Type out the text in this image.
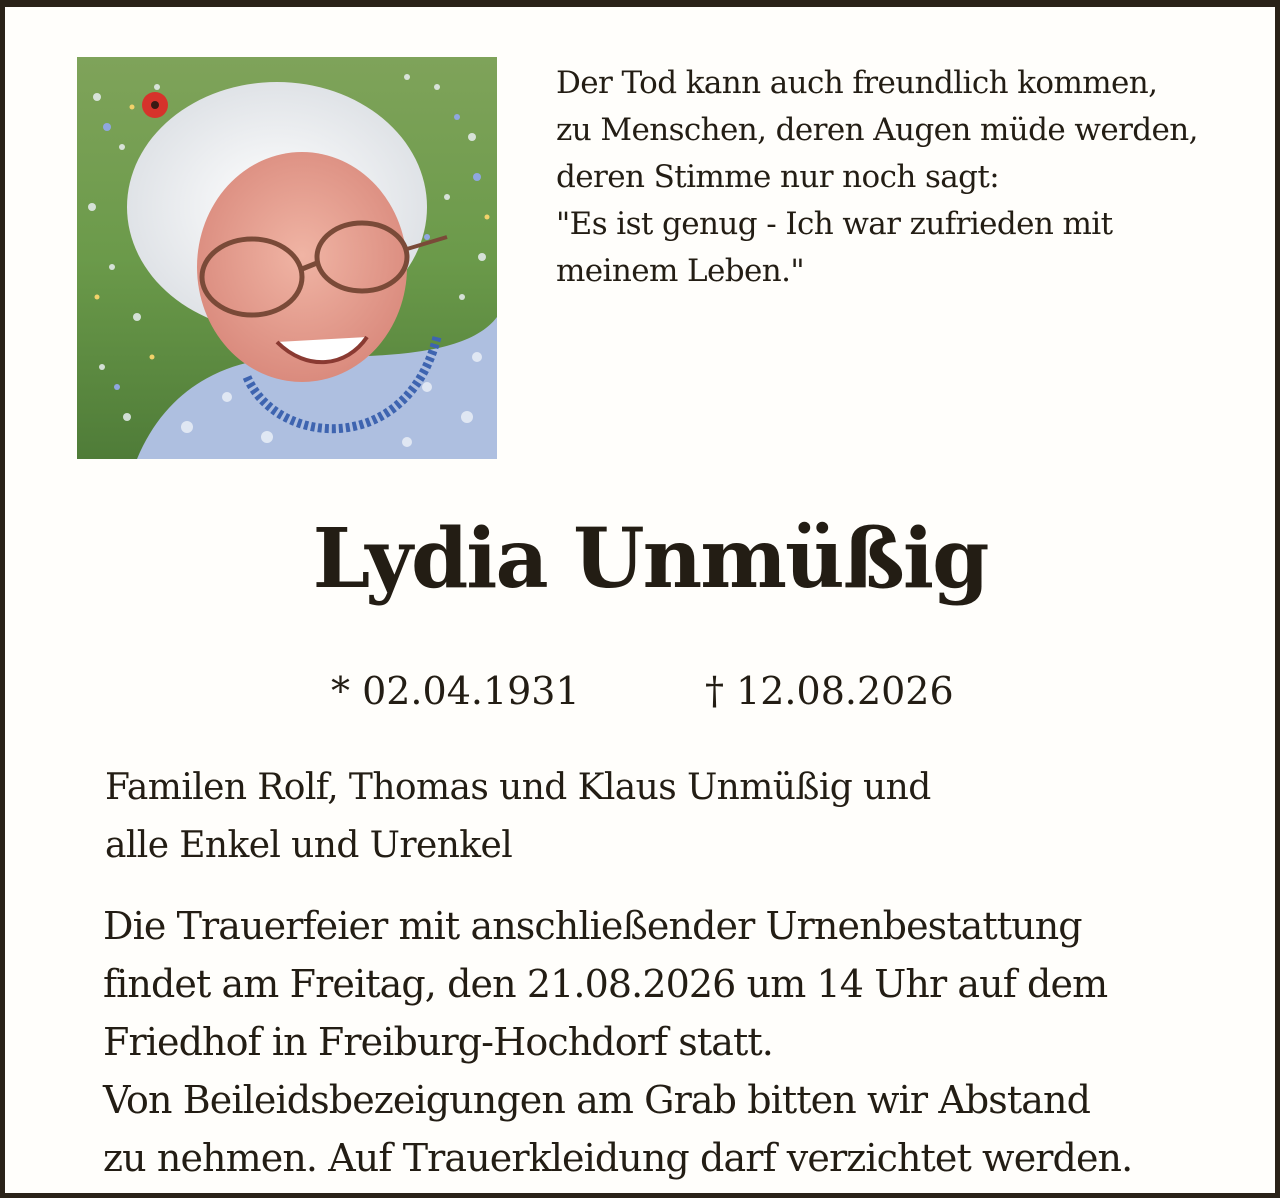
Der Tod kann auch freundlich kommen,
zu Menschen, deren Augen müde werden,
deren Stimme nur noch sagt:
"Es ist genug - Ich war zufrieden mit
meinem Leben."
Lydia Unmüßig
* 02.04.1931	† 12.08.2026
Familen Rolf, Thomas und Klaus Unmüßig und
alle Enkel und Urenkel
Die Trauerfeier mit anschließender Urnenbestattung
findet am Freitag, den 21.08.2026 um 14 Uhr auf dem
Friedhof in Freiburg-Hochdorf statt.
Von Beileidsbezeigungen am Grab bitten wir Abstand
zu nehmen. Auf Trauerkleidung darf verzichtet werden.
